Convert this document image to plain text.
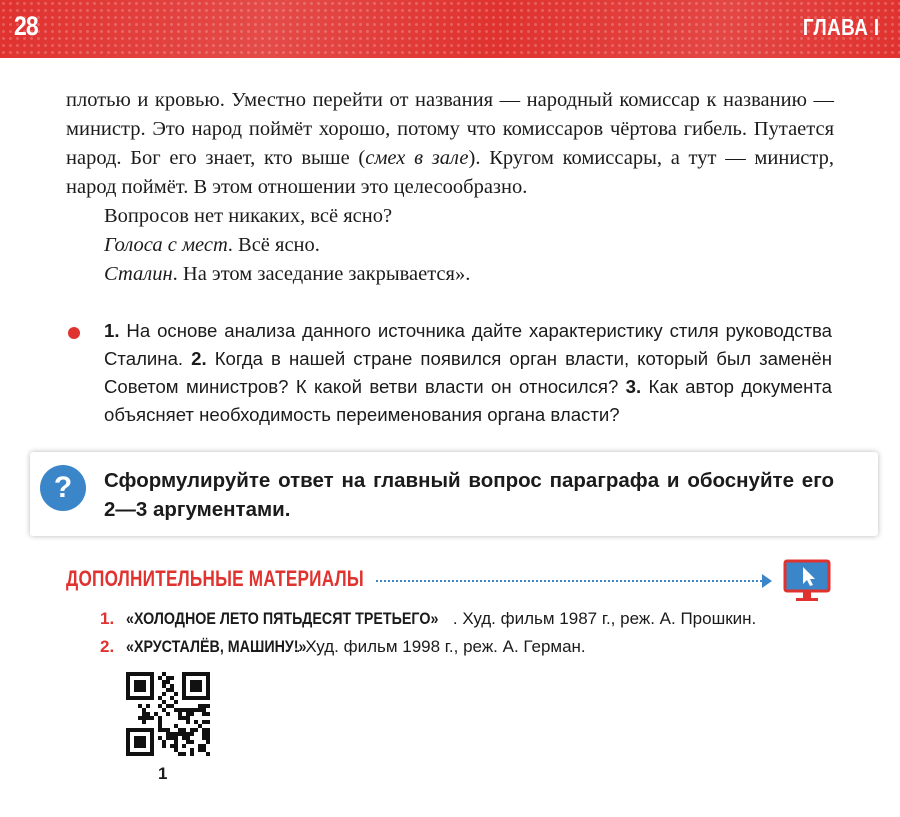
28	ГЛАВА I

плотью и кровью. Уместно перейти от названия — народный комиссар к названию — министр. Это народ поймёт хорошо, потому что комиссаров чёртова гибель. Путается народ. Бог его знает, кто выше (смех в зале). Кругом комиссары, а тут — министр, народ поймёт. В этом отношении это целесообразно.

Вопросов нет никаких, всё ясно?

Голоса с мест. Всё ясно.

Сталин. На этом заседание закрывается».

1. На основе анализа данного источника дайте характеристику стиля руководства Сталина. 2. Когда в нашей стране появился орган власти, который был заменён Советом министров? К какой ветви власти он относился? 3. Как автор документа объясняет необходимость переименования органа власти?
?	Сформулируйте ответ на главный вопрос параграфа и обоснуйте его 2—3 аргументами.
ДОПОЛНИТЕЛЬНЫЕ МАТЕРИАЛЫ
1. «ХОЛОДНОЕ ЛЕТО ПЯТЬДЕСЯТ ТРЕТЬЕГО» . Худ. фильм 1987 г., реж. А. Прошкин.
2. «ХРУСТАЛЁВ, МАШИНУ!». Худ. фильм 1998 г., реж. А. Герман.
1
